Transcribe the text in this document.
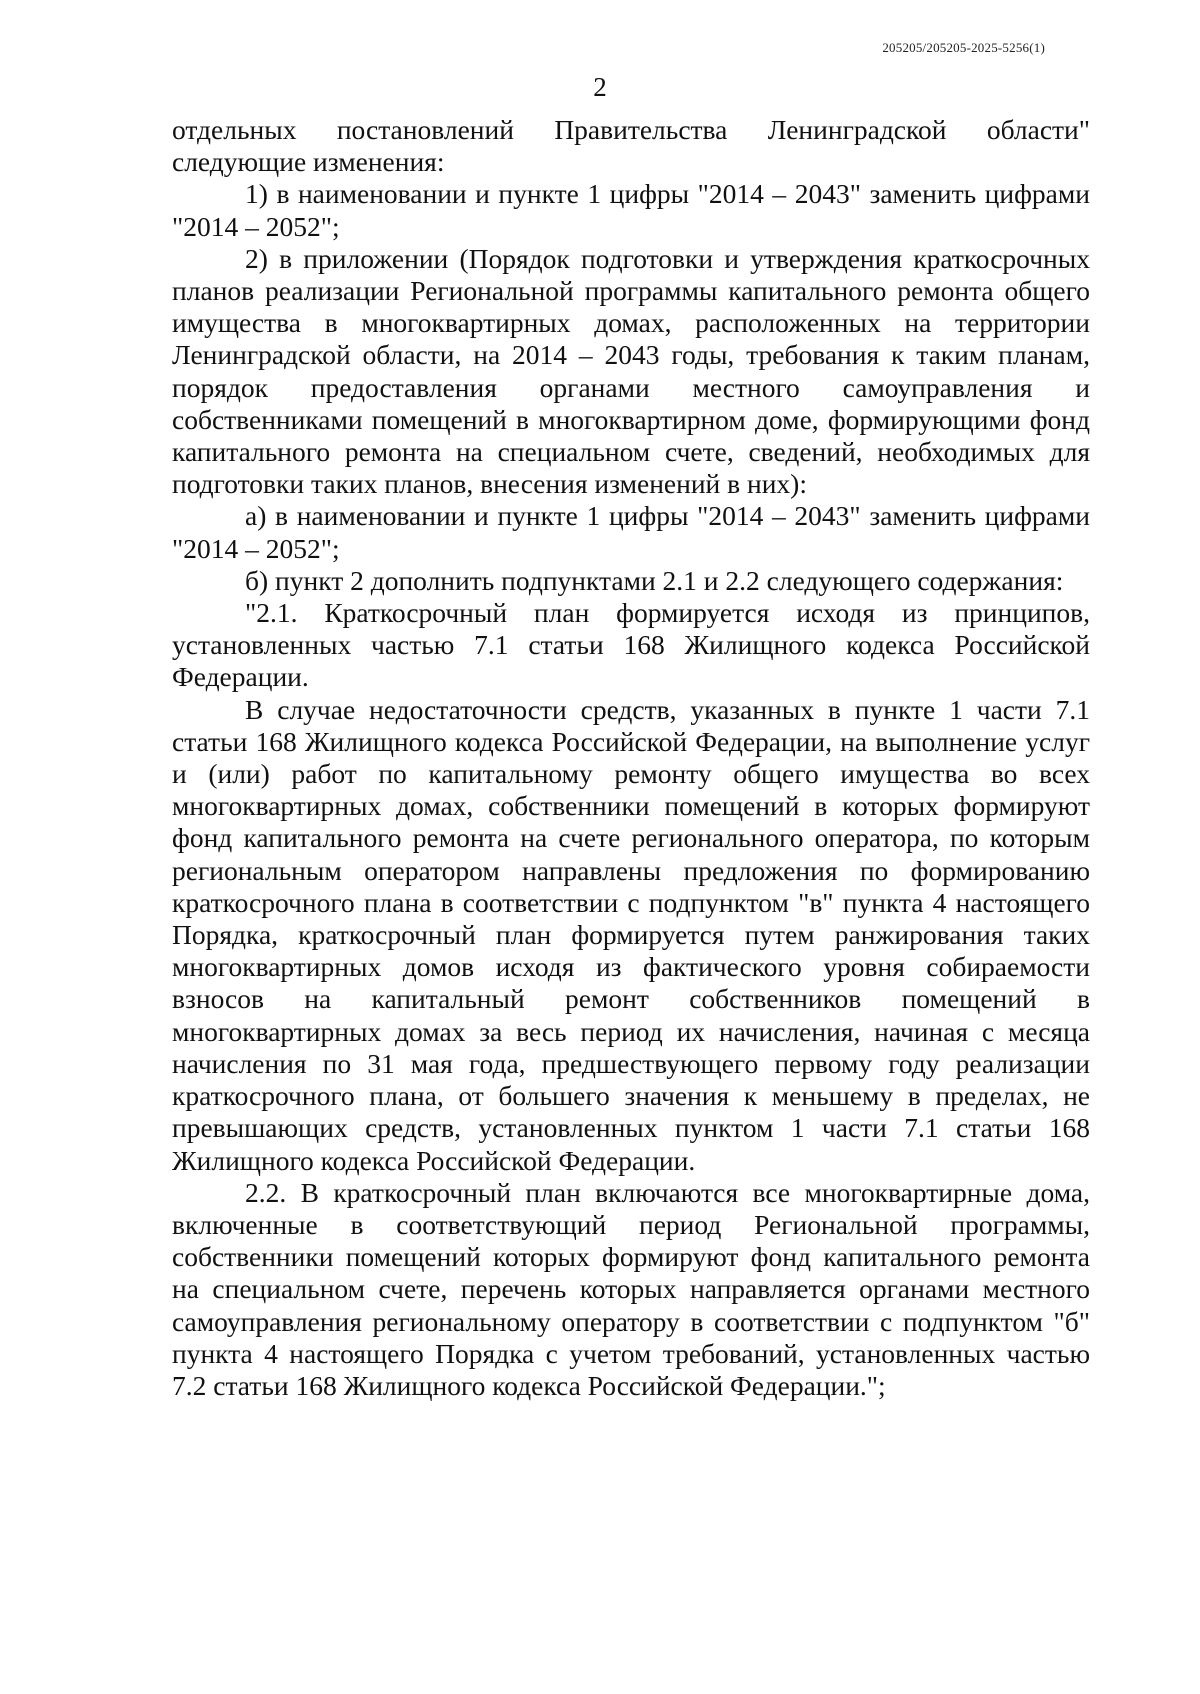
205205/205205-2025-5256(1)
2

отдельных постановлений Правительства Ленинградской области"

следующие изменения:

1) в наименовании и пункте 1 цифры "2014 – 2043" заменить цифрами "2014 – 2052";

2) в приложении (Порядок подготовки и утверждения краткосрочных планов реализации Региональной программы капитального ремонта общего имущества в многоквартирных домах, расположенных на территории Ленинградской области, на 2014 – 2043 годы, требования к таким планам, порядок предоставления органами местного самоуправления и собственниками помещений в многоквартирном доме, формирующими фонд капитального ремонта на специальном счете, сведений, необходимых для подготовки таких планов, внесения изменений в них):

а) в наименовании и пункте 1 цифры "2014 – 2043" заменить цифрами "2014 – 2052";

б) пункт 2 дополнить подпунктами 2.1 и 2.2 следующего содержания:

"2.1. Краткосрочный план формируется исходя из принципов, установленных частью 7.1 статьи 168 Жилищного кодекса Российской Федерации.

В случае недостаточности средств, указанных в пункте 1 части 7.1 статьи 168 Жилищного кодекса Российской Федерации, на выполнение услуг и (или) работ по капитальному ремонту общего имущества во всех многоквартирных домах, собственники помещений в которых формируют фонд капитального ремонта на счете регионального оператора, по которым региональным оператором направлены предложения по формированию краткосрочного плана в соответствии с подпунктом "в" пункта 4 настоящего Порядка, краткосрочный план формируется путем ранжирования таких многоквартирных домов исходя из фактического уровня собираемости взносов на капитальный ремонт собственников помещений в многоквартирных домах за весь период их начисления, начиная с месяца начисления по 31 мая года, предшествующего первому году реализации краткосрочного плана, от большего значения к меньшему в пределах, не превышающих средств, установленных пунктом 1 части 7.1 статьи 168 Жилищного кодекса Российской Федерации.

2.2. В краткосрочный план включаются все многоквартирные дома, включенные в соответствующий период Региональной программы, собственники помещений которых формируют фонд капитального ремонта на специальном счете, перечень которых направляется органами местного самоуправления региональному оператору в соответствии с подпунктом "б" пункта 4 настоящего Порядка с учетом требований, установленных частью 7.2 статьи 168 Жилищного кодекса Российской Федерации.";
